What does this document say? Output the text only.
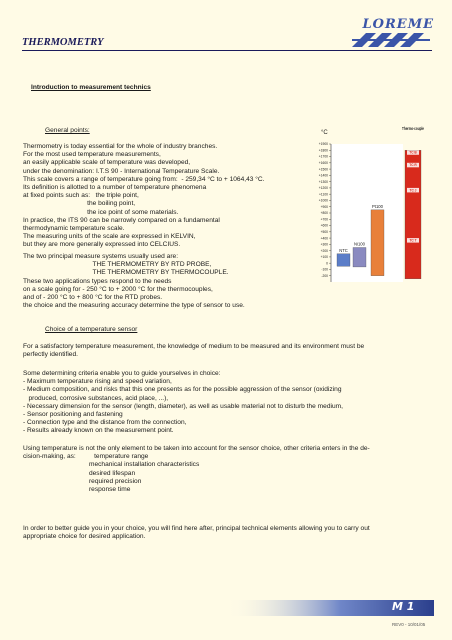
LOREME
THERMOMETRY
Introduction to measurement technics
General points:
Thermometry is today essential for the whole of industry branches.
For the most used temperature measurements,
an easily applicable scale of temperature was developed,
under the denomination: I.T.S 90 - International Temperature Scale.
This scale covers a range of temperature going from:  - 259,34 °C to + 1064,43 °C.
Its definition is allotted to a number of temperature phenomena
at fixed points such as:   the triple point,
the boiling point,
the ice point of some materials.
In practice, the ITS 90 can be narrowly compared on a fundamental
thermodynamic temperature scale.
The measuring units of the scale are expressed in KELVIN,
but they are more generally expressed into CELCIUS.
The two principal measure systems usually used are:
THE THERMOMETRY BY RTD PROBE,
THE THERMOMETRY BY THERMOCOUPLE.
These two applications types respond to the needs
on a scale going for - 250 °C to + 2000 °C for the thermocouples,
and of - 200 °C to + 800 °C for the RTD probes.
the choice and the measuring accuracy determine the type of sensor to use.
°C
+1900
+1800
+1700
+1600
+1500
+1400
+1300
+1200
+1100
+1000
+900
+800
+700
+600
+500
+400
+300
+200
+100
0
-100
-200
NTC
Ni100
Pt100
Thermo-couple
TC B
TC R
TC J
TC T
Choice of a temperature sensor
For a satisfactory temperature measurement, the knowledge of medium to be measured and its environment must be
perfectly identified.
Some determining criteria enable you to guide yourselves in choice:
- Maximum temperature rising and speed variation,
- Medium composition, and risks that this one presents as for the possible aggression of the sensor (oxidizing
produced, corrosive substances, acid place, ...),
- Necessary dimension for the sensor (length, diameter), as well as usable material not to disturb the medium,
- Sensor positioning and fastening
- Connection type and the distance from the connection,
- Results already known on the measurement point.
Using temperature is not the only element to be taken into account for the sensor choice, other criteria enters in the de-
cision-making, as:          temperature range
mechanical installation characteristics
desired lifespan
required precision
response time
In order to better guide you in your choice, you will find here after, principal technical elements allowing you to carry out
appropriate choice for desired application.
M 1
REV0 - 10/01/05
